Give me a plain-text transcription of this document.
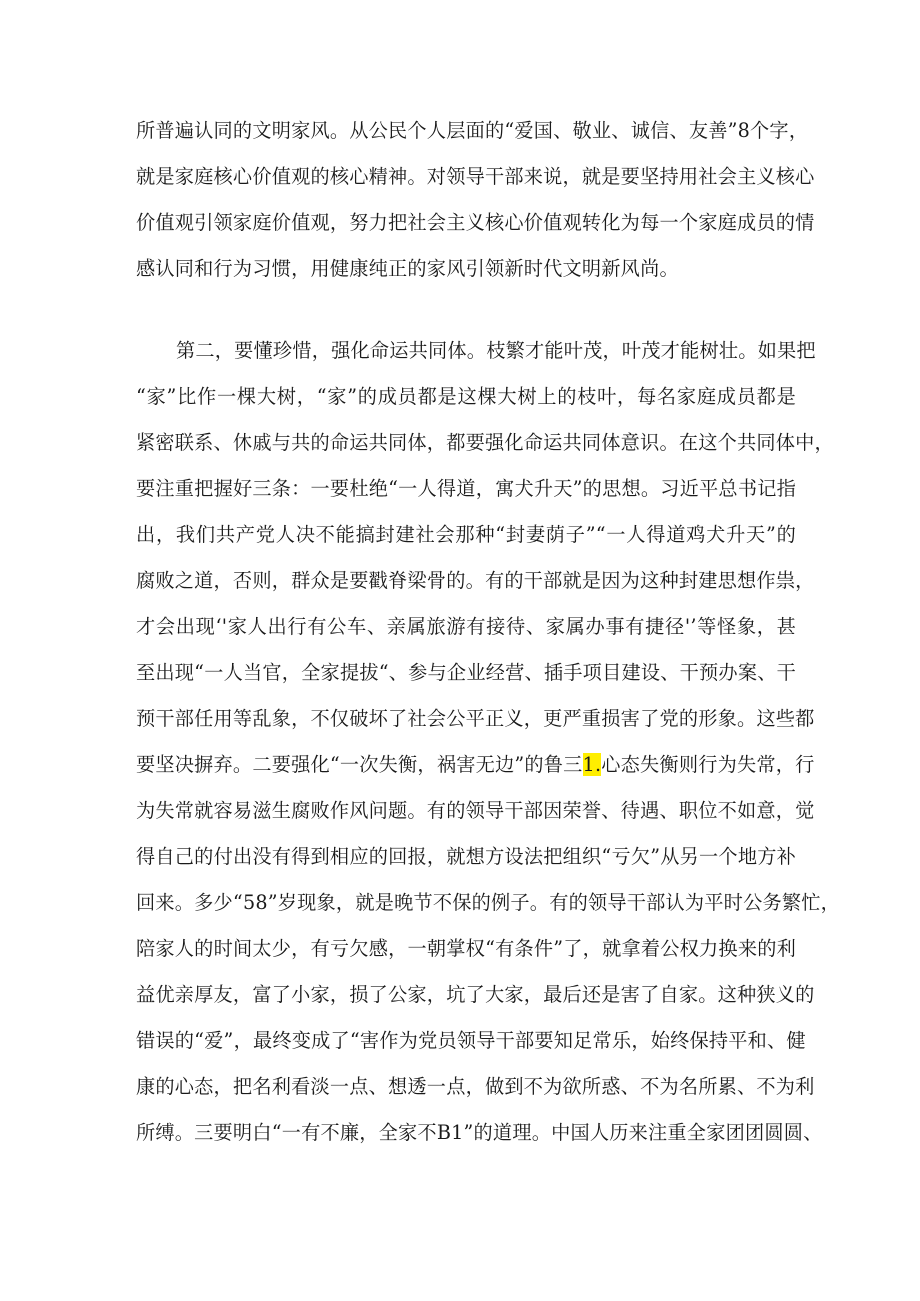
所普遍认同的文明家风。从公民个人层面的“爱国、敬业、诚信、友善”8个字，
就是家庭核心价值观的核心精神。对领导干部来说，就是要坚持用社会主义核心
价值观引领家庭价值观，努力把社会主义核心价值观转化为每一个家庭成员的情
感认同和行为习惯，用健康纯正的家风引领新时代文明新风尚。
第二，要懂珍惜，强化命运共同体。枝繁才能叶茂，叶茂才能树壮。如果把
“家”比作一棵大树，“家”的成员都是这棵大树上的枝叶，每名家庭成员都是
紧密联系、休戚与共的命运共同体，都要强化命运共同体意识。在这个共同体中，
要注重把握好三条：一要杜绝“一人得道，寓犬升天”的思想。习近平总书记指
出，我们共产党人决不能搞封建社会那种“封妻荫子”“一人得道鸡犬升天”的
腐败之道，否则，群众是要戳脊梁骨的。有的干部就是因为这种封建思想作祟，
才会出现‘'家人出行有公车、亲属旅游有接待、家属办事有捷径'’等怪象，甚
至出现“一人当官，全家提拔“、参与企业经营、插手项目建设、干预办案、干
预干部任用等乱象，不仅破坏了社会公平正义，更严重损害了党的形象。这些都
要坚决摒弃。二要强化“一次失衡，祸害无边”的鲁三1.心态失衡则行为失常，行
为失常就容易滋生腐败作风问题。有的领导干部因荣誉、待遇、职位不如意，觉
得自己的付出没有得到相应的回报，就想方设法把组织“亏欠”从另一个地方补
回来。多少“58”岁现象，就是晚节不保的例子。有的领导干部认为平时公务繁忙，
陪家人的时间太少，有亏欠感，一朝掌权“有条件”了，就拿着公权力换来的利
益优亲厚友，富了小家，损了公家，坑了大家，最后还是害了自家。这种狭义的
错误的“爱”，最终变成了“害作为党员领导干部要知足常乐，始终保持平和、健
康的心态，把名利看淡一点、想透一点，做到不为欲所惑、不为名所累、不为利
所缚。三要明白“一有不廉，全家不B1”的道理。中国人历来注重全家团团圆圆、
